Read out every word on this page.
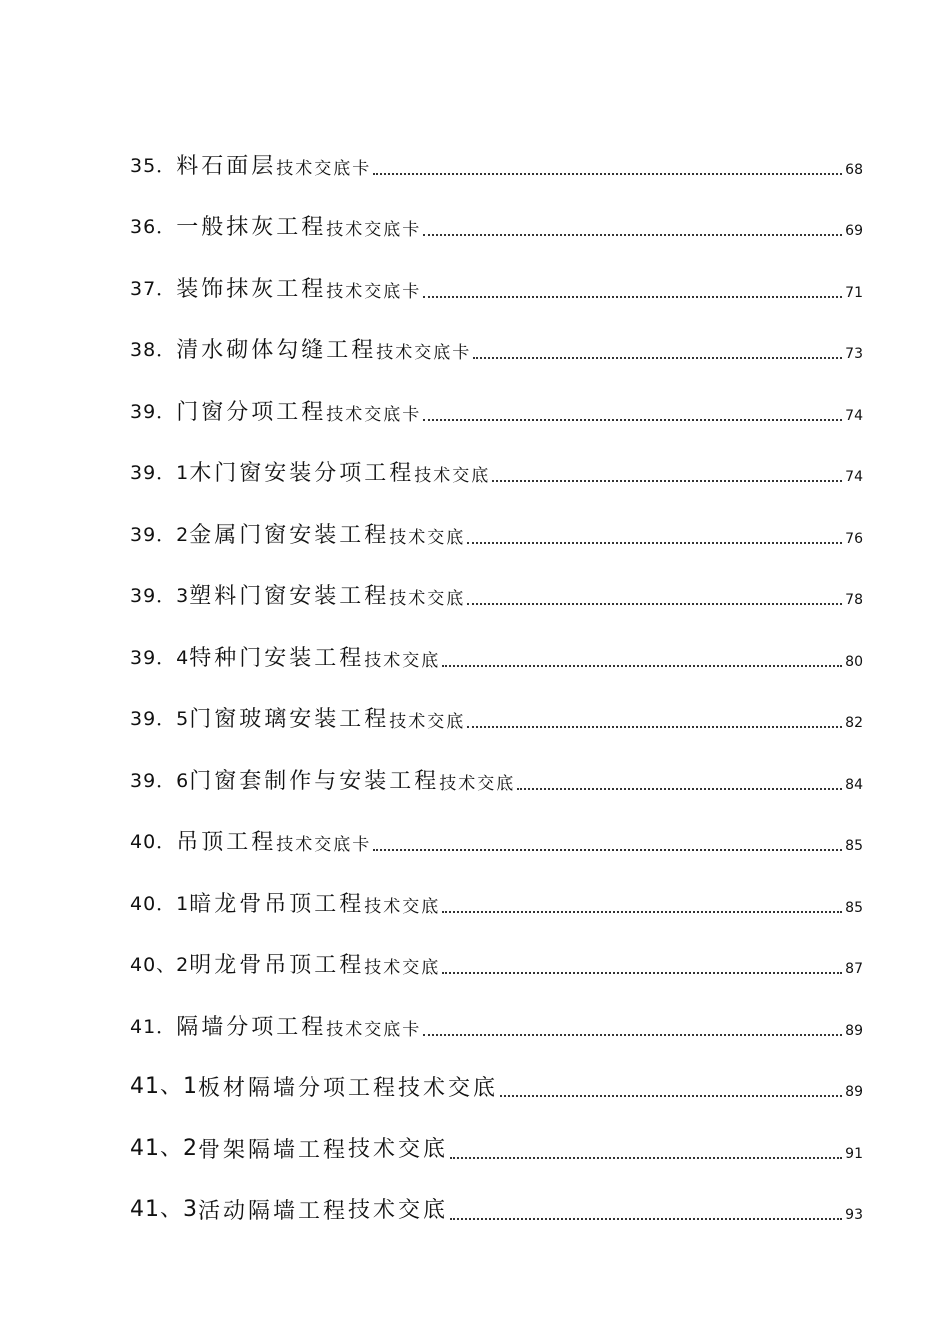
35． 料石面层 技术交底卡	68
36． 一般抹灰工程 技术交底卡	69
37． 装饰抹灰工程 技术交底卡	71
38． 清水砌体勾缝工程 技术交底卡	73
39． 门窗分项工程 技术交底卡	74
39．1 木门窗安装分项工程 技术交底	74
39．2 金属门窗安装工程 技术交底	76
39．3 塑料门窗安装工程 技术交底	78
39．4 特种门安装工程 技术交底	80
39．5 门窗玻璃安装工程 技术交底	82
39．6 门窗套制作与安装工程 技术交底	84
40． 吊顶工程 技术交底卡	85
40．1 暗龙骨吊顶工程 技术交底	85
40、2 明龙骨吊顶工程 技术交底	87
41． 隔墙分项工程 技术交底卡	89
41、1 板材隔墙分项工程技术交底	89
41、2 骨架隔墙工程 技术交底	91
41、3 活动隔墙工程 技术交底	93
